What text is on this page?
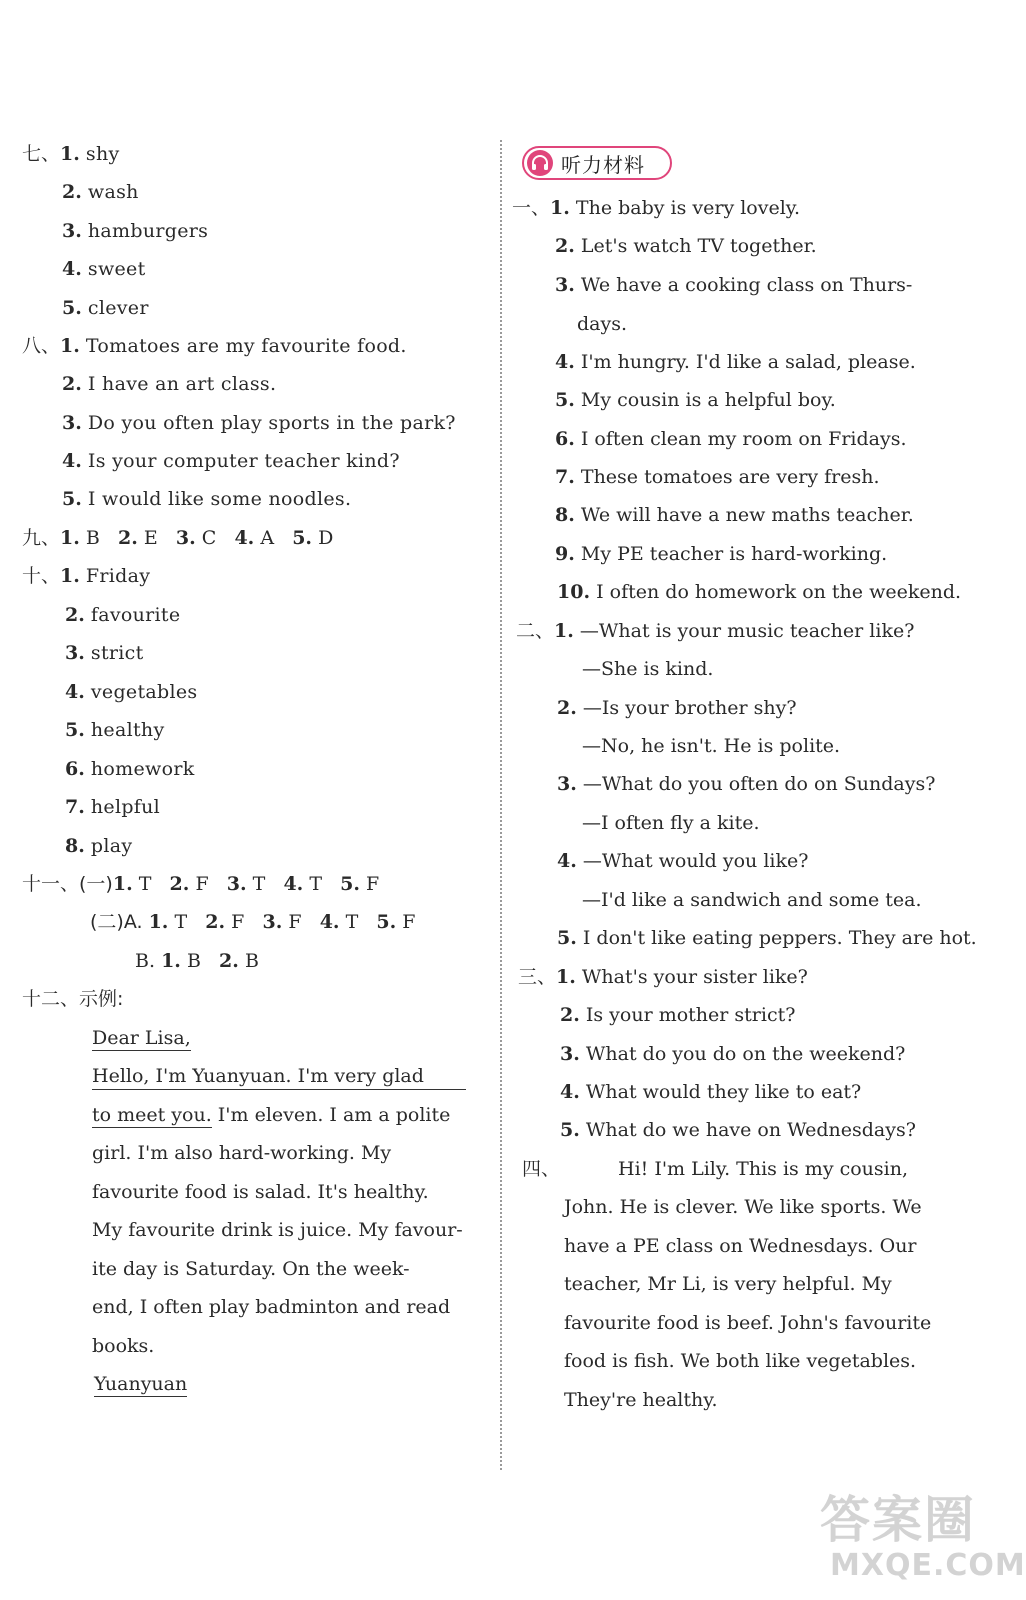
七、1. shy
2. wash
3. hamburgers
4. sweet
5. clever
八、1. Tomatoes are my favourite food.
2. I have an art class.
3. Do you often play sports in the park?
4. Is your computer teacher kind?
5. I would like some noodles.
九、1. B 2. E 3. C 4. A 5. D
十、1. Friday
2. favourite
3. strict
4. vegetables
5. healthy
6. homework
7. helpful
8. play
十一、(一)1. T 2. F 3. T 4. T 5. F
(二)A. 1. T 2. F 3. F 4. T 5. F
B. 1. B 2. B
十二、示例:
Dear Lisa,
Hello, I'm Yuanyuan. I'm very glad
to meet you. I'm eleven. I am a polite
girl. I'm also hard-working. My
favourite food is salad. It's healthy.
My favourite drink is juice. My favour-
ite day is Saturday. On the week-
end, I often play badminton and read
books.
Yuanyuan
听力材料
一、1. The baby is very lovely.
2. Let's watch TV together.
3. We have a cooking class on Thurs-
days.
4. I'm hungry. I'd like a salad, please.
5. My cousin is a helpful boy.
6. I often clean my room on Fridays.
7. These tomatoes are very fresh.
8. We will have a new maths teacher.
9. My PE teacher is hard-working.
10. I often do homework on the weekend.
二、1. —What is your music teacher like?
—She is kind.
2. —Is your brother shy?
—No, he isn't. He is polite.
3. —What do you often do on Sundays?
—I often fly a kite.
4. —What would you like?
—I'd like a sandwich and some tea.
5. I don't like eating peppers. They are hot.
三、1. What's your sister like?
2. Is your mother strict?
3. What do you do on the weekend?
4. What would they like to eat?
5. What do we have on Wednesdays?
四、	Hi! I'm Lily. This is my cousin,
John. He is clever. We like sports. We
have a PE class on Wednesdays. Our
teacher, Mr Li, is very helpful. My
favourite food is beef. John's favourite
food is fish. We both like vegetables.
They're healthy.
答案圈
MXQE.COM
